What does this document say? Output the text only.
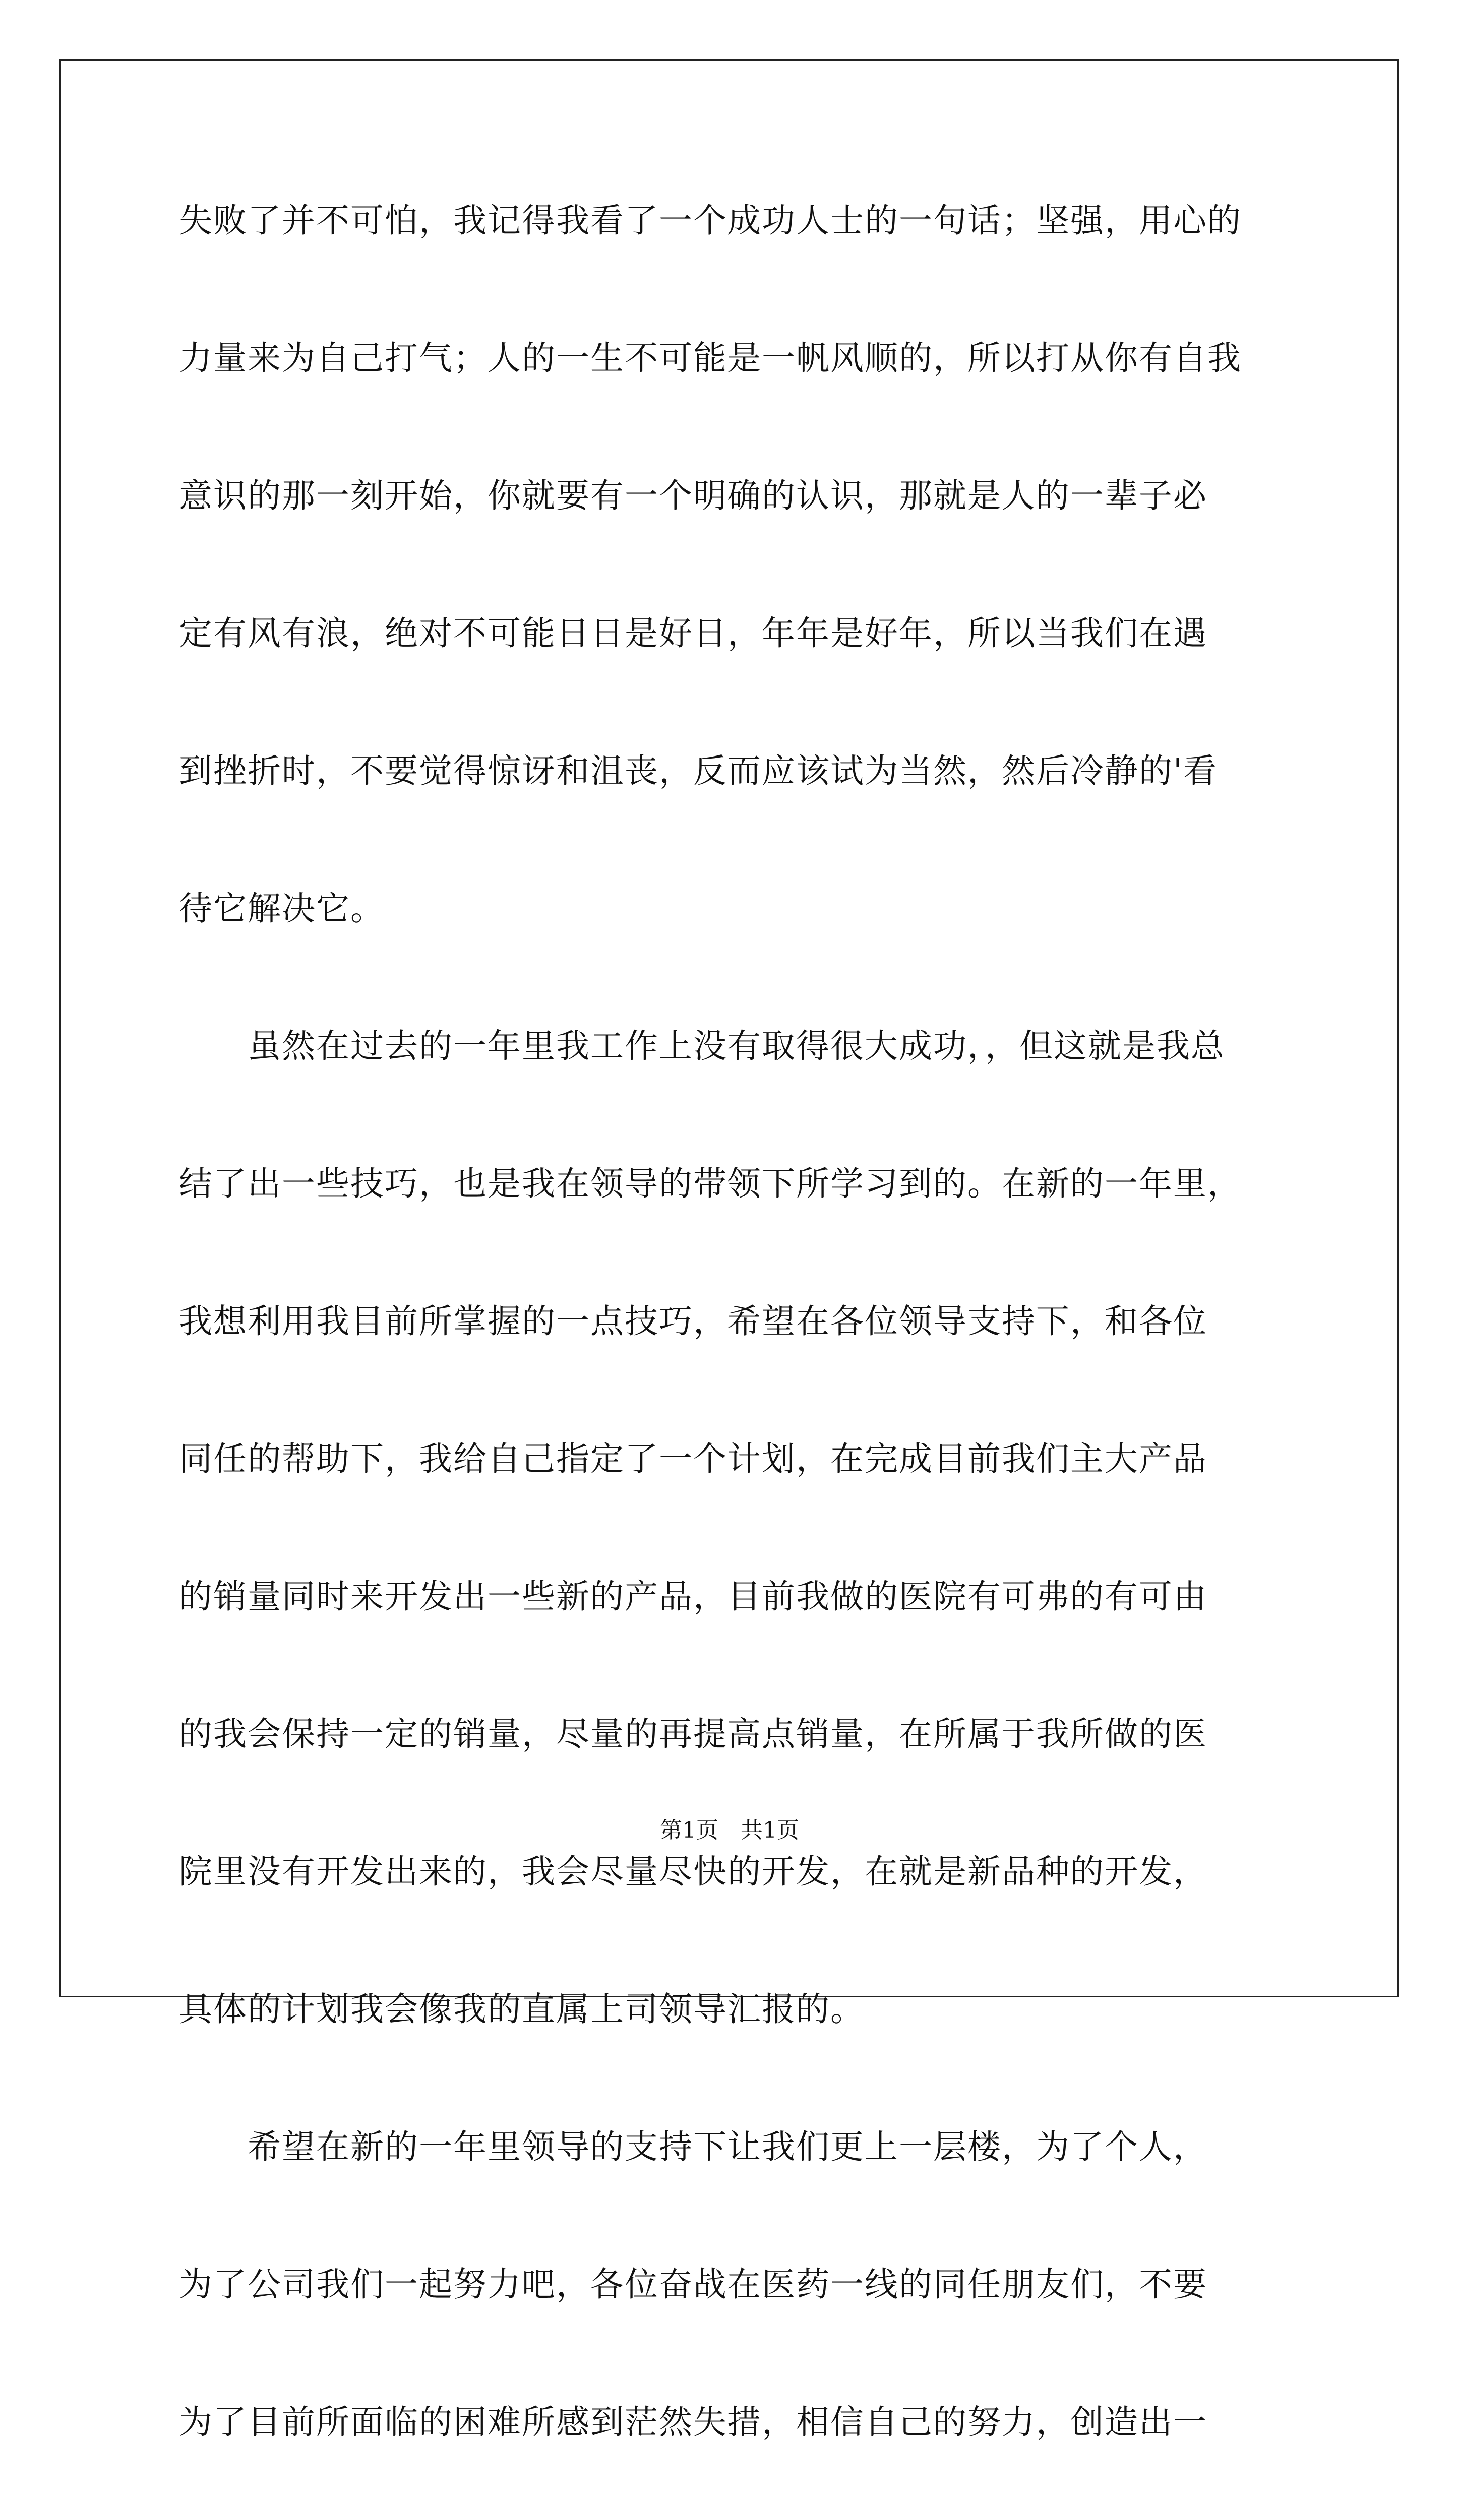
失败了并不可怕，我记得我看了一个成功人士的一句话；坚强，用心的
力量来为自己打气；人的一生不可能是一帆风顺的，所以打从你有自我
意识的那一刻开始，你就要有一个明确的认识，那就是人的一辈子必
定有风有浪，绝对不可能日日是好日，年年是好年，所以当我们在遇
到挫折时，不要觉得惊讶和沮丧，反而应该试为当然，然后冷静的'看
待它解决它。
　　虽然在过去的一年里我工作上没有取得很大成功，，但这就是我总
结了出一些技巧，也是我在领导的带领下所学习到的。在新的一年里，
我想利用我目前所掌握的一点技巧，希望在各位领导支持下，和各位
同任的帮助下，我给自己指定了一个计划，在完成目前我们主大产品
的销量同时来开发出一些新的产品，目前我做的医院有可弗的有可由
的我会保持一定的销量，尽量的再提高点销量，在所属于我所做的医
院里没有开发出来的，我会尽量尽快的开发，在就是新品种的开发，
具体的计划我会像我的直属上司领导汇报的。
　　希望在新的一年里领导的支持下让我们更上一层楼，为了个人，
为了公司我们一起努力吧，各位奋战在医药一线的同任朋友们，不要
为了目前所面临的困难所感到茫然失措，相信自己的努力，创造出一
第1页　共1页
